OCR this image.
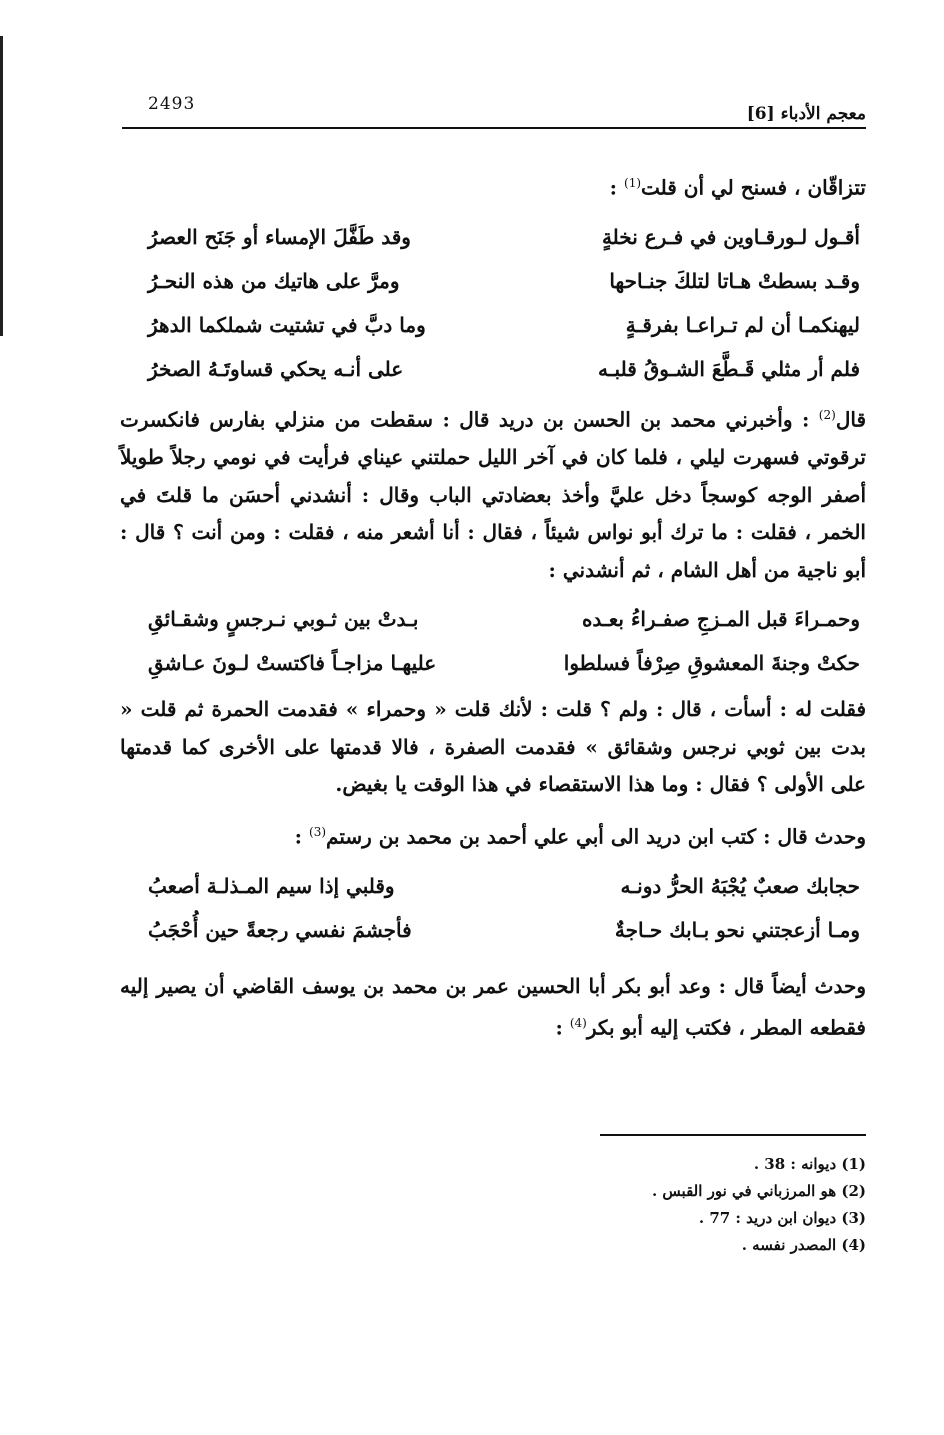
2493	معجم الأدباء [6]

تتزاقّان ، فسنح لي أن قلت$^{(1)}$ :

أقـول لـورقـاوين في فـرع نخلةٍ
وقد طَفَّلَ الإمساء أو جَنَح العصرُ
وقـد بسطتْ هـاتا لتلكَ جنـاحها
ومرَّ على هاتيك من هذه النحـرُ
ليهنكمـا أن لم تـراعـا بفرقـةٍ
وما دبَّ في تشتيت شملكما الدهرُ
فلم أر مثلي قَـطَّعَ الشـوقُ قلبـه
على أنـه يحكي قساوتَـهُ الصخرُ

قال$^{(2)}$ : وأخبرني محمد بن الحسن بن دريد قال : سقطت من منزلي بفارس فانكسرت ترقوتي فسهرت ليلي ، فلما كان في آخر الليل حملتني عيناي فرأيت في نومي رجلاً طويلاً أصفر الوجه كوسجاً دخل عليَّ وأخذ بعضادتي الباب وقال : أنشدني أحسَن ما قلتَ في الخمر ، فقلت : ما ترك أبو نواس شيئاً ، فقال : أنا أشعر منه ، فقلت : ومن أنت ؟ قال : أبو ناجية من أهل الشام ، ثم أنشدني :

وحمـراءَ قبل المـزجِ صفـراءُ بعـده
بـدتْ بين ثـوبي نـرجسٍ وشقـائقِ
حكتْ وجنةَ المعشوقِ صِرْفاً فسلطوا
عليهـا مزاجـاً فاكتستْ لـونَ عـاشقِ

فقلت له : أسأت ، قال : ولم ؟ قلت : لأنك قلت « وحمراء » فقدمت الحمرة ثم قلت « بدت بين ثوبي نرجس وشقائق » فقدمت الصفرة ، فالا قدمتها على الأخرى كما قدمتها على الأولى ؟ فقال : وما هذا الاستقصاء في هذا الوقت يا بغيض.

وحدث قال : كتب ابن دريد الى أبي علي أحمد بن محمد بن رستم$^{(3)}$ :

حجابك صعبٌ يُجْبَهُ الحرُّ دونـه
وقلبي إذا سيم المـذلـة أصعبُ
ومـا أزعجتني نحو بـابك حـاجةٌ
فأجشمَ نفسي رجعةً حين أُحْجَبُ

وحدث أيضاً قال : وعد أبو بكر أبا الحسين عمر بن محمد بن يوسف القاضي أن يصير إليه فقطعه المطر ، فكتب إليه أبو بكر$^{(4)}$ :

(1) ديوانه : 38 .

(2) هو المرزباني في نور القبس .

(3) ديوان ابن دريد : 77 .

(4) المصدر نفسه .
